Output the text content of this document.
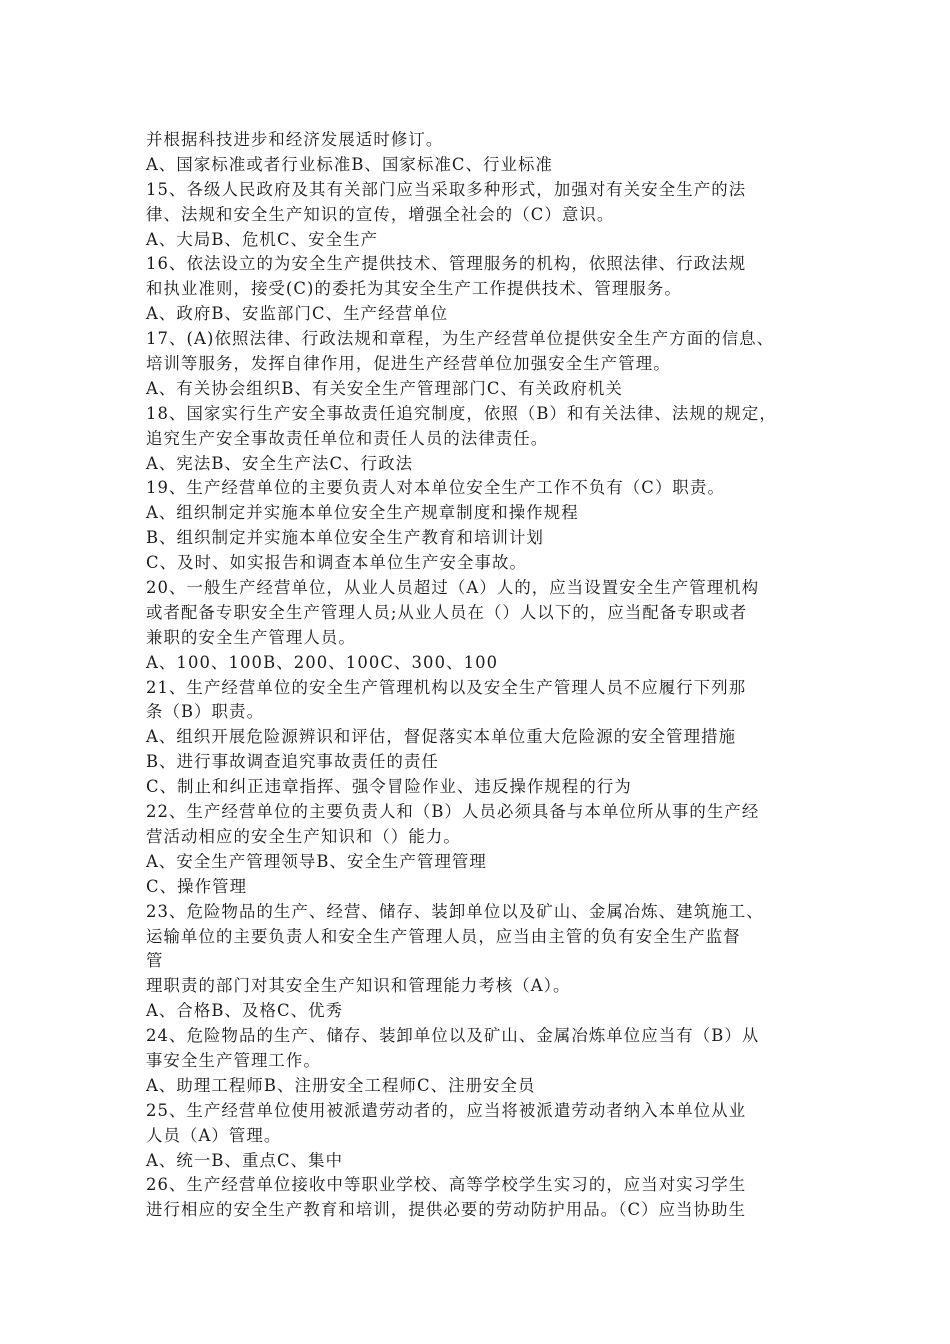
并根据科技进步和经济发展适时修订。
A、国家标准或者行业标准B、国家标准C、行业标准
15、各级人民政府及其有关部门应当采取多种形式，加强对有关安全生产的法
律、法规和安全生产知识的宣传，增强全社会的（C）意识。
A、大局B、危机C、安全生产
16、依法设立的为安全生产提供技术、管理服务的机构，依照法律、行政法规
和执业准则，接受(C)的委托为其安全生产工作提供技术、管理服务。
A、政府B、安监部门C、生产经营单位
17、(A)依照法律、行政法规和章程，为生产经营单位提供安全生产方面的信息、
培训等服务，发挥自律作用，促进生产经营单位加强安全生产管理。
A、有关协会组织B、有关安全生产管理部门C、有关政府机关
18、国家实行生产安全事故责任追究制度，依照（B）和有关法律、法规的规定，
追究生产安全事故责任单位和责任人员的法律责任。
A、宪法B、安全生产法C、行政法
19、生产经营单位的主要负责人对本单位安全生产工作不负有（C）职责。
A、组织制定并实施本单位安全生产规章制度和操作规程
B、组织制定并实施本单位安全生产教育和培训计划
C、及时、如实报告和调查本单位生产安全事故。
20、一般生产经营单位，从业人员超过（A）人的，应当设置安全生产管理机构
或者配备专职安全生产管理人员;从业人员在（）人以下的，应当配备专职或者
兼职的安全生产管理人员。
A、100、100B、200、100C、300、100
21、生产经营单位的安全生产管理机构以及安全生产管理人员不应履行下列那
条（B）职责。
A、组织开展危险源辨识和评估，督促落实本单位重大危险源的安全管理措施
B、进行事故调查追究事故责任的责任
C、制止和纠正违章指挥、强令冒险作业、违反操作规程的行为
22、生产经营单位的主要负责人和（B）人员必须具备与本单位所从事的生产经
营活动相应的安全生产知识和（）能力。
A、安全生产管理领导B、安全生产管理管理
C、操作管理
23、危险物品的生产、经营、储存、装卸单位以及矿山、金属冶炼、建筑施工、
运输单位的主要负责人和安全生产管理人员，应当由主管的负有安全生产监督
管
理职责的部门对其安全生产知识和管理能力考核（A）。
A、合格B、及格C、优秀
24、危险物品的生产、储存、装卸单位以及矿山、金属冶炼单位应当有（B）从
事安全生产管理工作。
A、助理工程师B、注册安全工程师C、注册安全员
25、生产经营单位使用被派遣劳动者的，应当将被派遣劳动者纳入本单位从业
人员（A）管理。
A、统一B、重点C、集中
26、生产经营单位接收中等职业学校、高等学校学生实习的，应当对实习学生
进行相应的安全生产教育和培训，提供必要的劳动防护用品。（C）应当协助生
